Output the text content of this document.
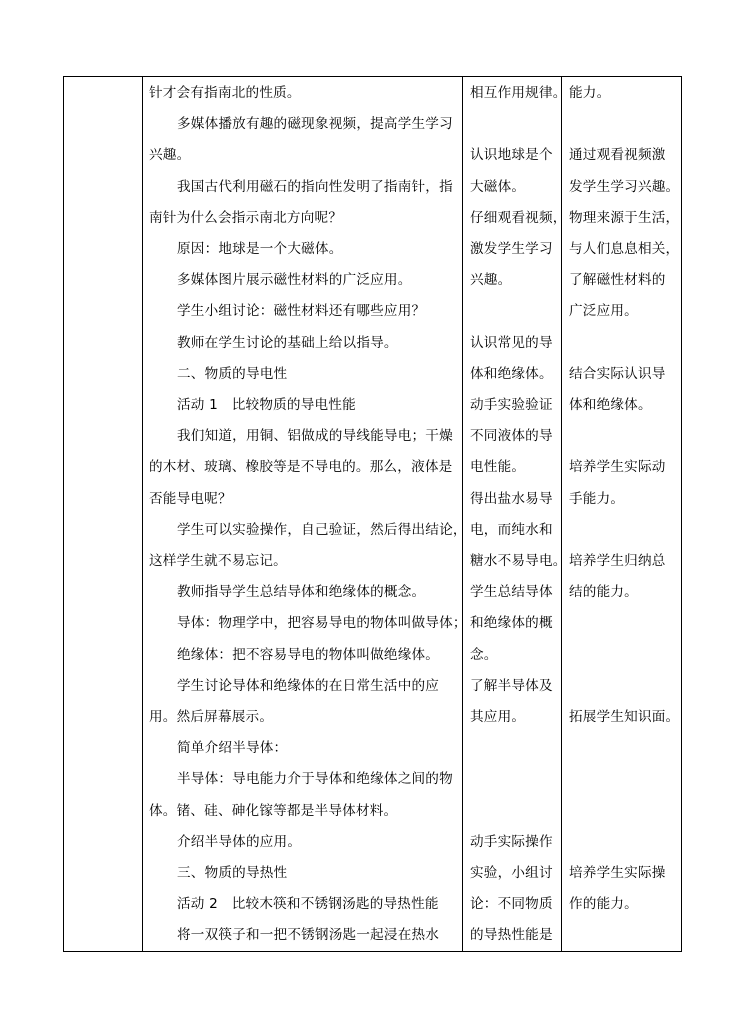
针才会有指南北的性质。
多媒体播放有趣的磁现象视频，提高学生学习
兴趣。
我国古代利用磁石的指向性发明了指南针，指
南针为什么会指示南北方向呢？
原因：地球是一个大磁体。
多媒体图片展示磁性材料的广泛应用。
学生小组讨论：磁性材料还有哪些应用？
教师在学生讨论的基础上给以指导。
二、物质的导电性
活动 1　比较物质的导电性能
我们知道，用铜、铝做成的导线能导电；干燥
的木材、玻璃、橡胶等是不导电的。那么，液体是
否能导电呢？
学生可以实验操作，自己验证，然后得出结论，
这样学生就不易忘记。
教师指导学生总结导体和绝缘体的概念。
导体：物理学中，把容易导电的物体叫做导体；
绝缘体：把不容易导电的物体叫做绝缘体。
学生讨论导体和绝缘体的在日常生活中的应
用。然后屏幕展示。
简单介绍半导体：
半导体：导电能力介于导体和绝缘体之间的物
体。锗、硅、砷化镓等都是半导体材料。
介绍半导体的应用。
三、物质的导热性
活动 2　比较木筷和不锈钢汤匙的导热性能
将一双筷子和一把不锈钢汤匙一起浸在热水
相互作用规律。
认识地球是个
大磁体。
仔细观看视频，
激发学生学习
兴趣。
认识常见的导
体和绝缘体。
动手实验验证
不同液体的导
电性能。
得出盐水易导
电，而纯水和
糖水不易导电。
学生总结导体
和绝缘体的概
念。
了解半导体及
其应用。
动手实际操作
实验，小组讨
论：不同物质
的导热性能是
能力。
通过观看视频激
发学生学习兴趣。
物理来源于生活，
与人们息息相关，
了解磁性材料的
广泛应用。
结合实际认识导
体和绝缘体。
培养学生实际动
手能力。
培养学生归纳总
结的能力。
拓展学生知识面。
培养学生实际操
作的能力。
